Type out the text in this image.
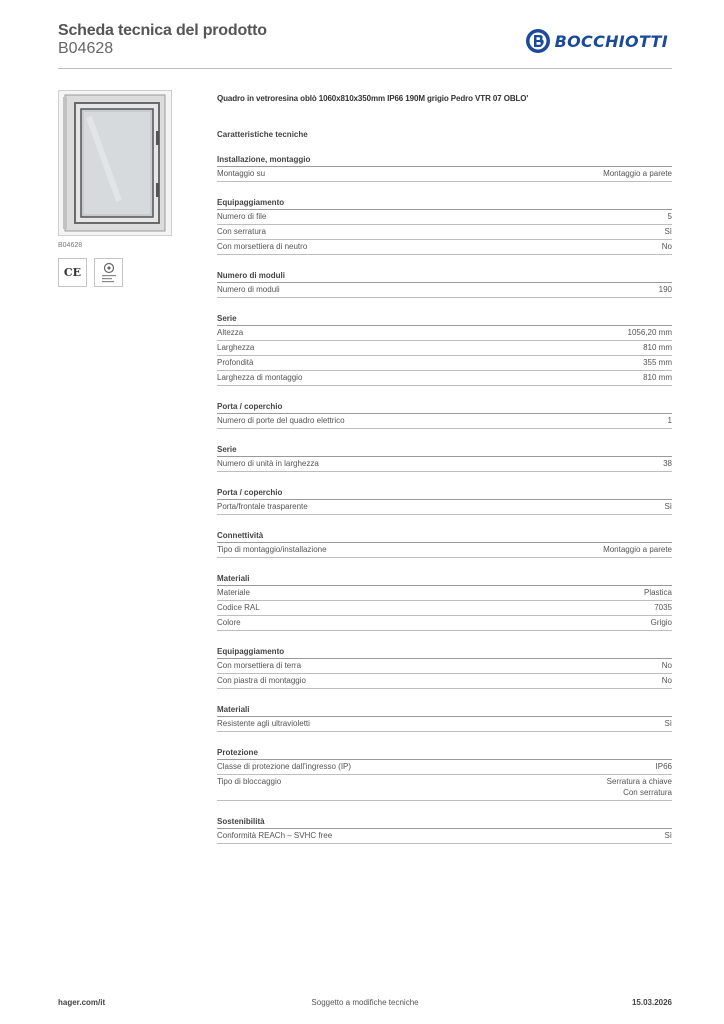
Scheda tecnica del prodotto
B04628	BOCCHIOTTI
B04628
CE
Quadro in vetroresina oblò 1060x810x350mm IP66 190M grigio Pedro VTR 07 OBLO'
Caratteristiche tecniche
Installazione, montaggio
Montaggio su	Montaggio a parete
Equipaggiamento
Numero di file	5
Con serratura	Sì
Con morsettiera di neutro	No
Numero di moduli
Numero di moduli	190
Serie
Altezza	1056,20 mm
Larghezza	810 mm
Profondità	355 mm
Larghezza di montaggio	810 mm
Porta / coperchio
Numero di porte del quadro elettrico	1
Serie
Numero di unità in larghezza	38
Porta / coperchio
Porta/frontale trasparente	Sì
Connettività
Tipo di montaggio/installazione	Montaggio a parete
Materiali
Materiale	Plastica
Codice RAL	7035
Colore	Grigio
Equipaggiamento
Con morsettiera di terra	No
Con piastra di montaggio	No
Materiali
Resistente agli ultravioletti	Sì
Protezione
Classe di protezione dall'ingresso (IP)	IP66
Tipo di bloccaggio	Serratura a chiave
Con serratura
Sostenibilità
Conformità REACh – SVHC free	Sì
Soggetto a modifiche tecniche
hager.com/it	15.03.2026
